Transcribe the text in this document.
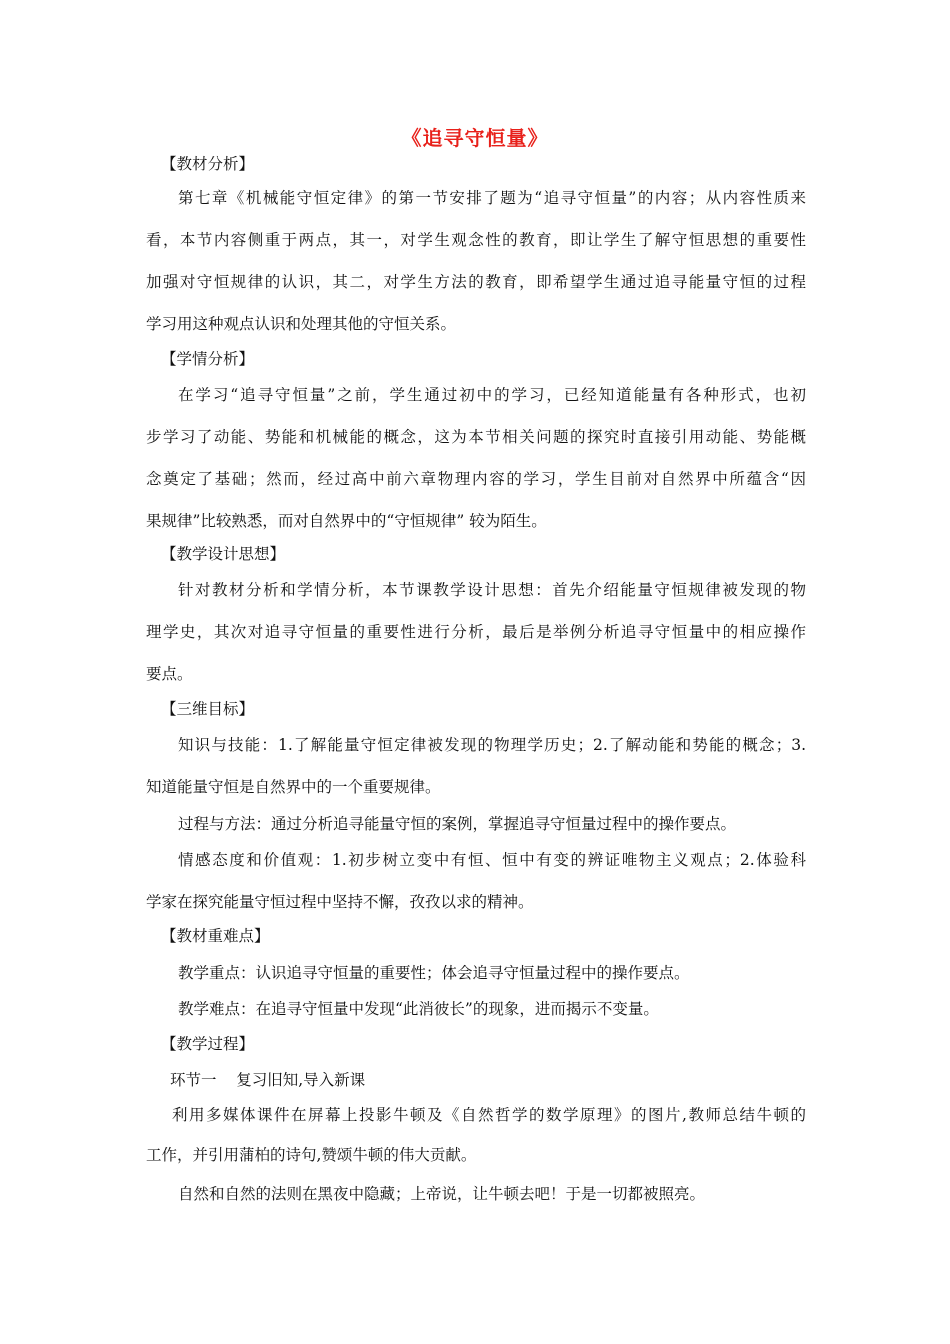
《追寻守恒量》
【教材分析】
第七章《机械能守恒定律》的第一节安排了题为“追寻守恒量”的内容；从内容性质来
看，本节内容侧重于两点，其一，对学生观念性的教育，即让学生了解守恒思想的重要性
加强对守恒规律的认识，其二，对学生方法的教育，即希望学生通过追寻能量守恒的过程
学习用这种观点认识和处理其他的守恒关系。
【学情分析】
在学习“追寻守恒量”之前，学生通过初中的学习，已经知道能量有各种形式，也初
步学习了动能、势能和机械能的概念，这为本节相关问题的探究时直接引用动能、势能概
念奠定了基础；然而，经过高中前六章物理内容的学习，学生目前对自然界中所蕴含“因
果规律”比较熟悉，而对自然界中的“守恒规律” 较为陌生。
【教学设计思想】
针对教材分析和学情分析，本节课教学设计思想：首先介绍能量守恒规律被发现的物
理学史，其次对追寻守恒量的重要性进行分析，最后是举例分析追寻守恒量中的相应操作
要点。
【三维目标】
知识与技能：1.了解能量守恒定律被发现的物理学历史；2.了解动能和势能的概念；3.
知道能量守恒是自然界中的一个重要规律。
过程与方法：通过分析追寻能量守恒的案例，掌握追寻守恒量过程中的操作要点。
情感态度和价值观：1.初步树立变中有恒、恒中有变的辨证唯物主义观点；2.体验科
学家在探究能量守恒过程中坚持不懈，孜孜以求的精神。
【教材重难点】
教学重点：认识追寻守恒量的重要性；体会追寻守恒量过程中的操作要点。
教学难点：在追寻守恒量中发现“此消彼长”的现象，进而揭示不变量。
【教学过程】
环节一    复习旧知,导入新课
利用多媒体课件在屏幕上投影牛顿及《自然哲学的数学原理》的图片,教师总结牛顿的
工作，并引用蒲柏的诗句,赞颂牛顿的伟大贡献。
自然和自然的法则在黑夜中隐藏；上帝说，让牛顿去吧！于是一切都被照亮。
